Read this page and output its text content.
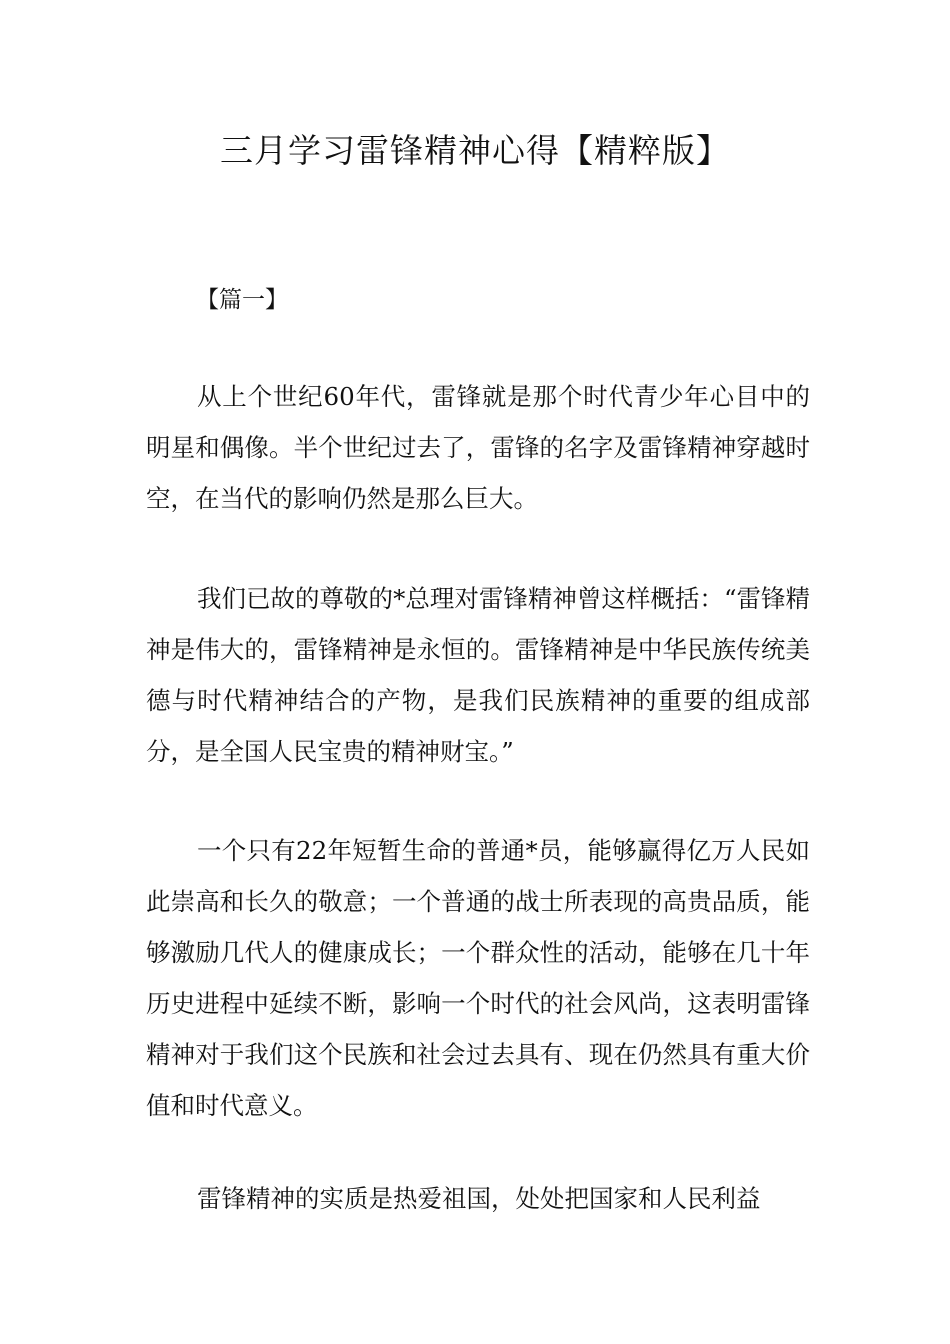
三月学习雷锋精神心得【精粹版】
【篇一】

从上个世纪60年代，雷锋就是那个时代青少年心目中的明星和偶像。半个世纪过去了，雷锋的名字及雷锋精神穿越时空，在当代的影响仍然是那么巨大。

我们已故的尊敬的*总理对雷锋精神曾这样概括：“雷锋精神是伟大的，雷锋精神是永恒的。雷锋精神是中华民族传统美德与时代精神结合的产物，是我们民族精神的重要的组成部分，是全国人民宝贵的精神财宝。”

一个只有22年短暂生命的普通*员，能够赢得亿万人民如此崇高和长久的敬意；一个普通的战士所表现的高贵品质，能够激励几代人的健康成长；一个群众性的活动，能够在几十年历史进程中延续不断，影响一个时代的社会风尚，这表明雷锋精神对于我们这个民族和社会过去具有、现在仍然具有重大价值和时代意义。

雷锋精神的实质是热爱祖国，处处把国家和人民利益
